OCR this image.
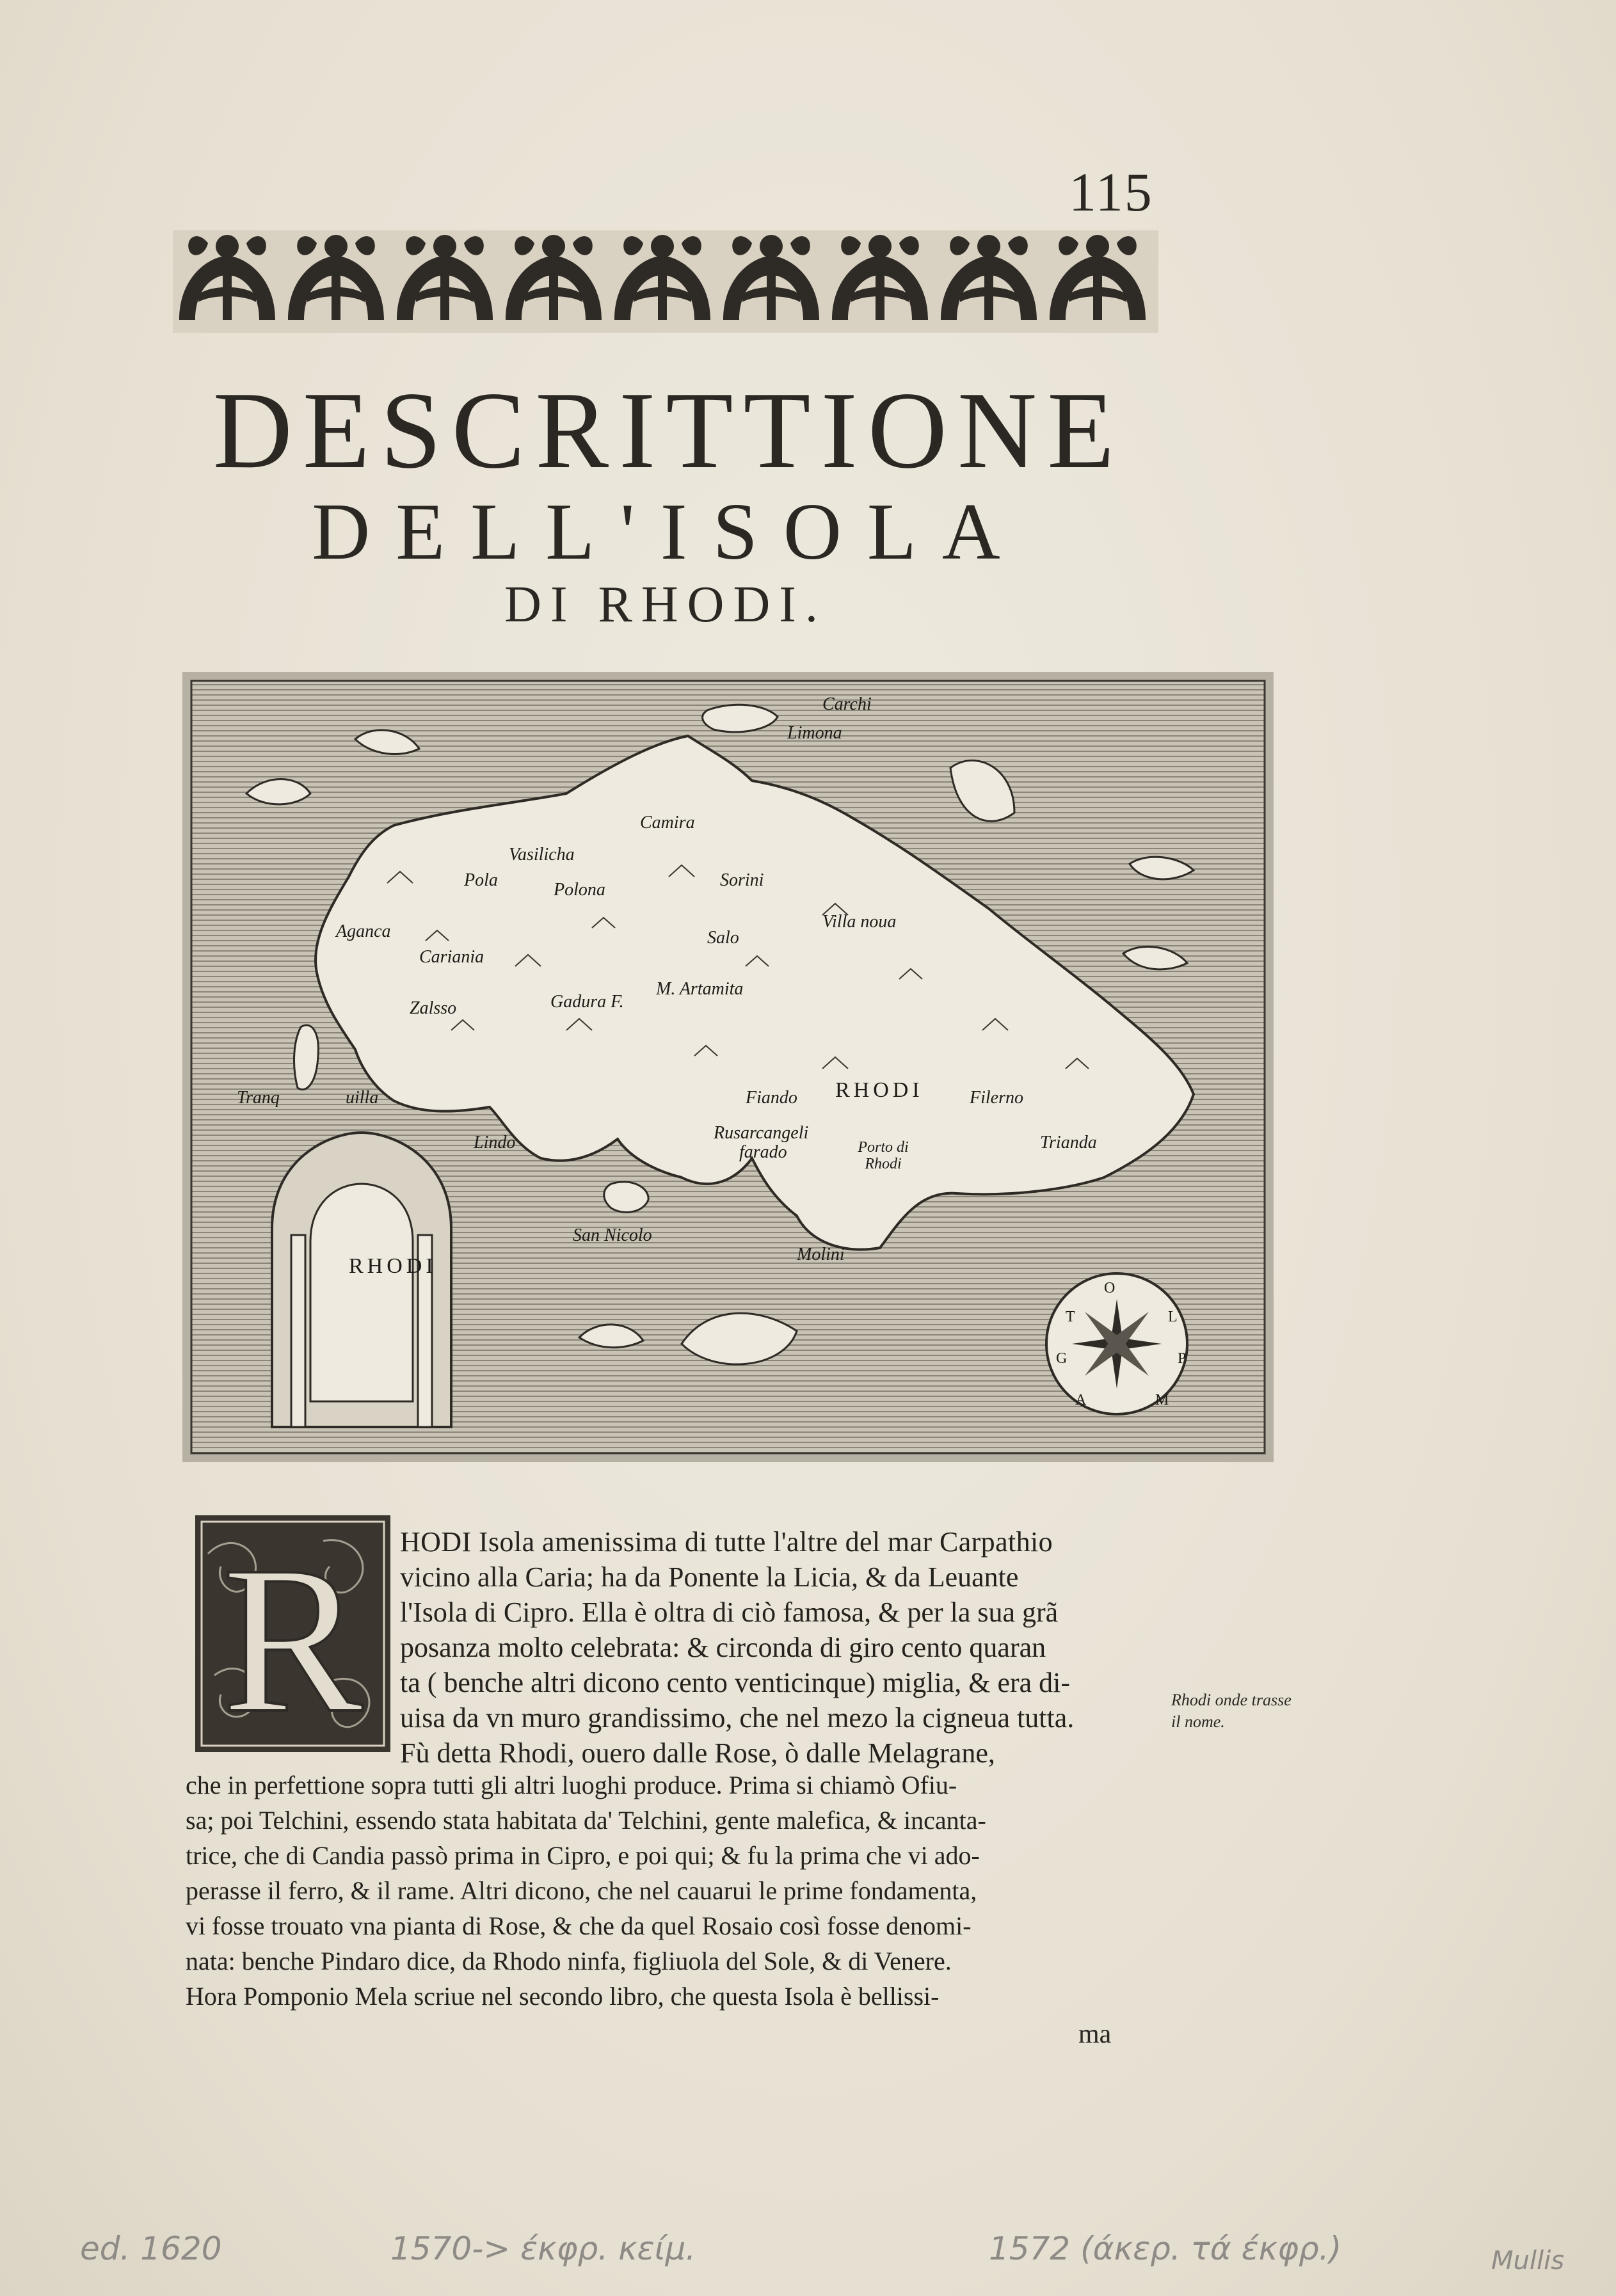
115
DESCRITTIONE
DELL'ISOLA
DI RHODI.
Carchi
Limona
Camira
Vasilicha
Pola	Polona	Sorini
Salo
Villa noua
Aganca
Cariania
Gadura F.
M. Artamita
Zalsso
Tranq	uilla	RHODI
Fiando	Filerno
Rusarcangeli
farado	Porto di Rhodi
Trianda
Lindo
San Nicolo
Molini
RHODI
O
T	L
G	P
A	M
R HODI Isola amenissima di tutte l'altre del mar Carpathio
vicino alla Caria; ha da Ponente la Licia, & da Leuante
l'Isola di Cipro. Ella è oltra di ciò famosa, & per la sua grã
posanza molto celebrata: & circonda di giro cento quaran
ta ( benche altri dicono cento venticinque) miglia, & era di-
uisa da vn muro grandissimo, che nel mezo la cigneua tutta.
Fù detta Rhodi, ouero dalle Rose, ò dalle Melagrane,
che in perfettione sopra tutti gli altri luoghi produce. Prima si chiamò Ofiu-
sa; poi Telchini, essendo stata habitata da' Telchini, gente malefica, & incanta-
trice, che di Candia passò prima in Cipro, e poi qui; & fu la prima che vi ado-
perasse il ferro, & il rame. Altri dicono, che nel cauarui le prime fondamenta,
vi fosse trouato vna pianta di Rose, & che da quel Rosaio così fosse denomi-
nata: benche Pindaro dice, da Rhodo ninfa, figliuola del Sole, & di Venere.
Hora Pomponio Mela scriue nel secondo libro, che questa Isola è bellissi-
ma
Rhodi onde trasse il nome.
ed. 1620	1570-> έκφρ. κείμ.	1572 (άκερ. τά έκφρ.)	Mullis
